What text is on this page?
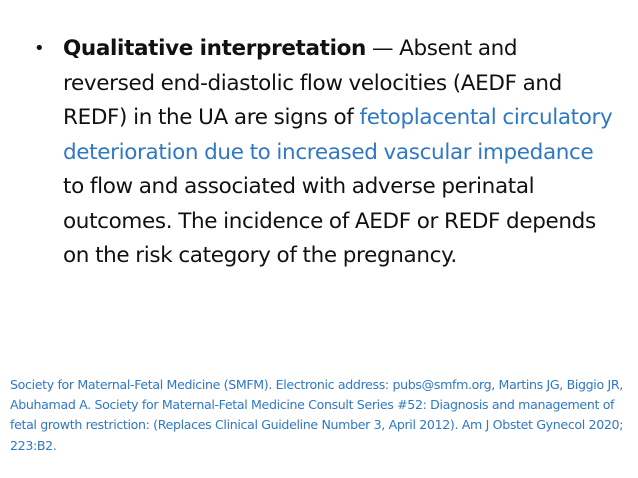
• Qualitative interpretation — Absent and reversed end-diastolic flow velocities (AEDF and REDF) in the UA are signs of fetoplacental circulatory deterioration due to increased vascular impedance to flow and associated with adverse perinatal outcomes. The incidence of AEDF or REDF depends on the risk category of the pregnancy.
Society for Maternal-Fetal Medicine (SMFM). Electronic address: pubs@smfm.org, Martins JG, Biggio JR, Abuhamad A. Society for Maternal-Fetal Medicine Consult Series #52: Diagnosis and management of fetal growth restriction: (Replaces Clinical Guideline Number 3, April 2012). Am J Obstet Gynecol 2020; 223:B2.
